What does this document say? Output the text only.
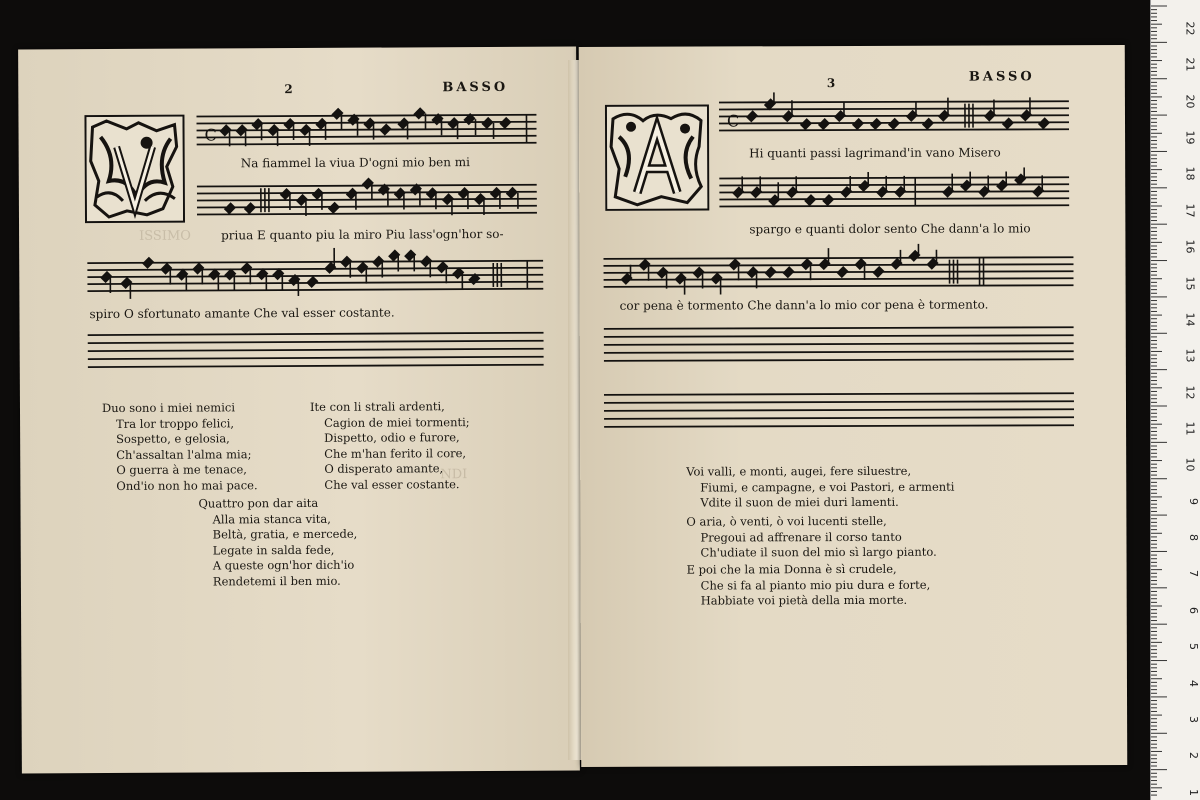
ISSIMO
NDI
2	BASSO
C
Na fiammel la viua D'ogni mio ben mi
priua E quanto piu la miro Piu lass'ogn'hor so-
spiro O sfortunato amante Che val esser costante.
Duo sono i miei nemici
Tra lor troppo felici,
Sospetto, e gelosia,
Ch'assaltan l'alma mia;
O guerra à me tenace,
Ond'io non ho mai pace.
Ite con li strali ardenti,
Cagion de miei tormenti;
Dispetto, odio e furore,
Che m'han ferito il core,
O disperato amante,
Che val esser costante.
Quattro pon dar aita
Alla mia stanca vita,
Beltà, gratia, e mercede,
Legate in salda fede,
A queste ogn'hor dich'io
Rendetemi il ben mio.
3	BASSO
C
Hi quanti passi lagrimand'in vano Misero
spargo e quanti dolor sento Che dann'a lo mio
cor pena è tormento Che dann'a lo mio cor pena è tormento.
Voi valli, e monti, augei, fere siluestre,
Fiumi, e campagne, e voi Pastori, e armenti
Vdite il suon de miei duri lamenti.
O aria, ò venti, ò voi lucenti stelle,
Pregoui ad affrenare il corso tanto
Ch'udiate il suon del mio sì largo pianto.
E poi che la mia Donna è sì crudele,
Che si fa al pianto mio piu dura e forte,
Habbiate voi pietà della mia morte.
22
21
20
19
18
17
16
15
14
13
12
11
10
9
8
7
6
5
4
3
2
1
